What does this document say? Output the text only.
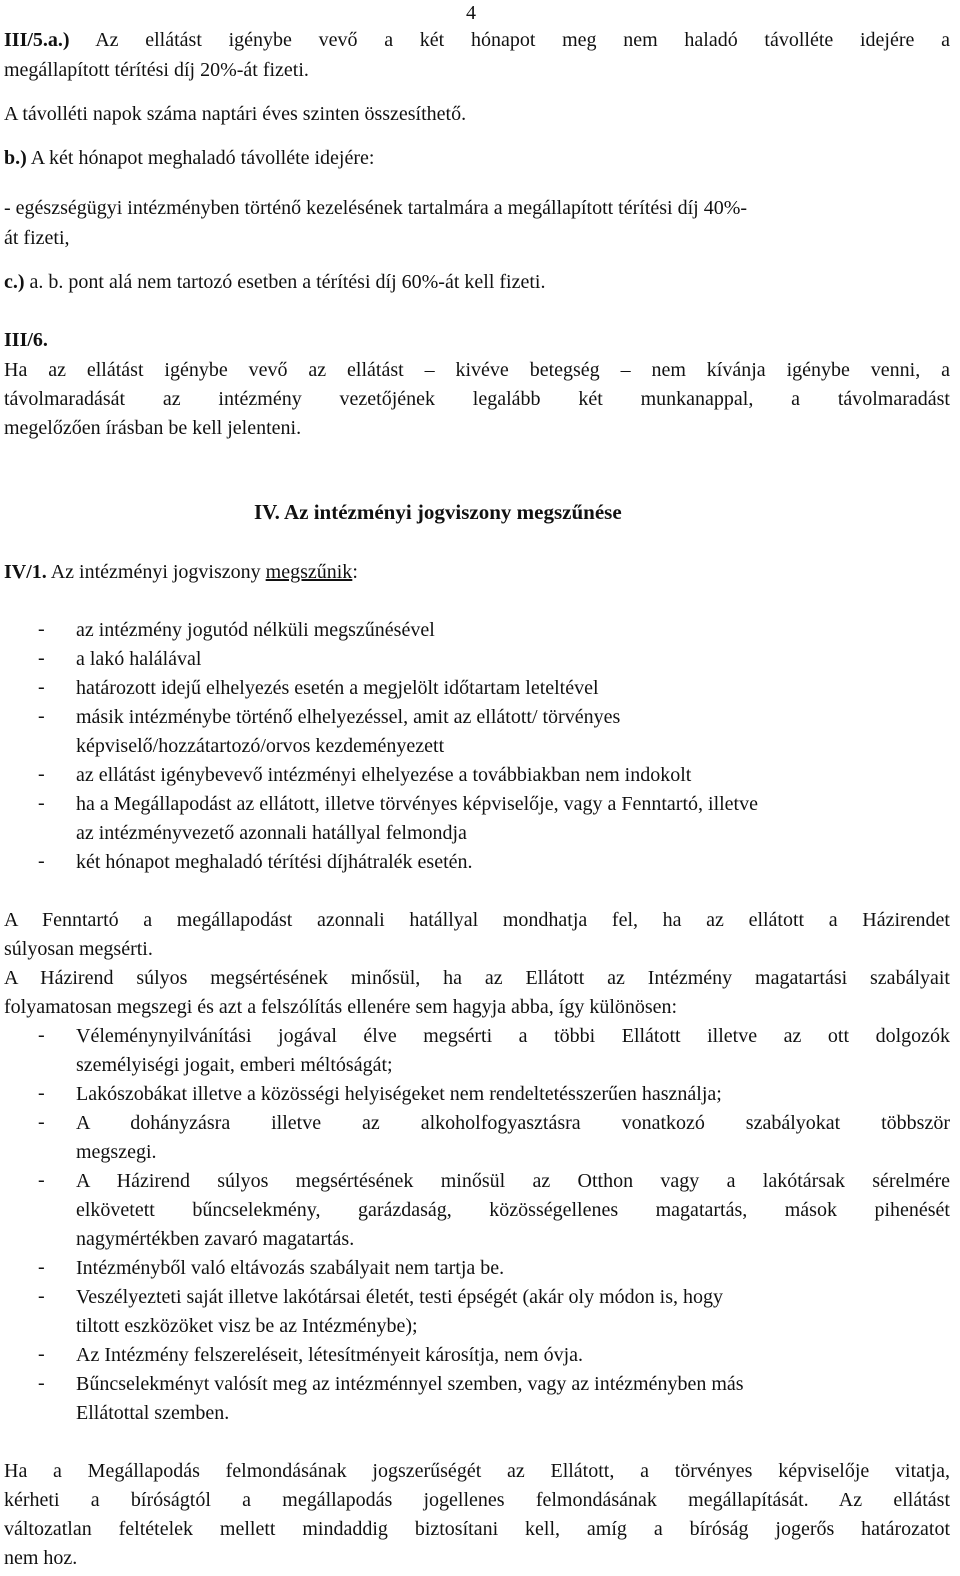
4
III/5.a.) Az ellátást igénybe vevő a két hónapot meg nem haladó távolléte idejére a
megállapított térítési díj 20%-át fizeti.
A távolléti napok száma naptári éves szinten összesíthető.
b.) A két hónapot meghaladó távolléte idejére:
- egészségügyi intézményben történő kezelésének tartalmára a megállapított térítési díj 40%-
át fizeti,
c.) a. b. pont alá nem tartozó esetben a térítési díj 60%-át kell fizeti.
III/6.
Ha az ellátást igénybe vevő az ellátást – kivéve betegség – nem kívánja igénybe venni, a
távolmaradását az intézmény vezetőjének legalább két munkanappal, a távolmaradást
megelőzően írásban be kell jelenteni.
IV. Az intézményi jogviszony megszűnése
IV/1. Az intézményi jogviszony megszűnik:
- az intézmény jogutód nélküli megszűnésével
- a lakó halálával
- határozott idejű elhelyezés esetén a megjelölt időtartam leteltével
- másik intézménybe történő elhelyezéssel, amit az ellátott/ törvényes
képviselő/hozzátartozó/orvos kezdeményezett
- az ellátást igénybevevő intézményi elhelyezése a továbbiakban nem indokolt
- ha a Megállapodást az ellátott, illetve törvényes képviselője, vagy a Fenntartó, illetve
az intézményvezető azonnali hatállyal felmondja
- két hónapot meghaladó térítési díjhátralék esetén.
A Fenntartó a megállapodást azonnali hatállyal mondhatja fel, ha az ellátott a Házirendet
súlyosan megsérti.
A Házirend súlyos megsértésének minősül, ha az Ellátott az Intézmény magatartási szabályait
folyamatosan megszegi és azt a felszólítás ellenére sem hagyja abba, így különösen:
- Véleménynyilvánítási jogával élve megsérti a többi Ellátott illetve az ott dolgozók
személyiségi jogait, emberi méltóságát;
- Lakószobákat illetve a közösségi helyiségeket nem rendeltetésszerűen használja;
- A dohányzásra illetve az alkoholfogyasztásra vonatkozó szabályokat többször
megszegi.
- A Házirend súlyos megsértésének minősül az Otthon vagy a lakótársak sérelmére
elkövetett bűncselekmény, garázdaság, közösségellenes magatartás, mások pihenését
nagymértékben zavaró magatartás.
- Intézményből való eltávozás szabályait nem tartja be.
- Veszélyezteti saját illetve lakótársai életét, testi épségét (akár oly módon is, hogy
tiltott eszközöket visz be az Intézménybe);
- Az Intézmény felszereléseit, létesítményeit károsítja, nem óvja.
- Bűncselekményt valósít meg az intézménnyel szemben, vagy az intézményben más
Ellátottal szemben.
Ha a Megállapodás felmondásának jogszerűségét az Ellátott, a törvényes képviselője vitatja,
kérheti a bíróságtól a megállapodás jogellenes felmondásának megállapítását. Az ellátást
változatlan feltételek mellett mindaddig biztosítani kell, amíg a bíróság jogerős határozatot
nem hoz.
